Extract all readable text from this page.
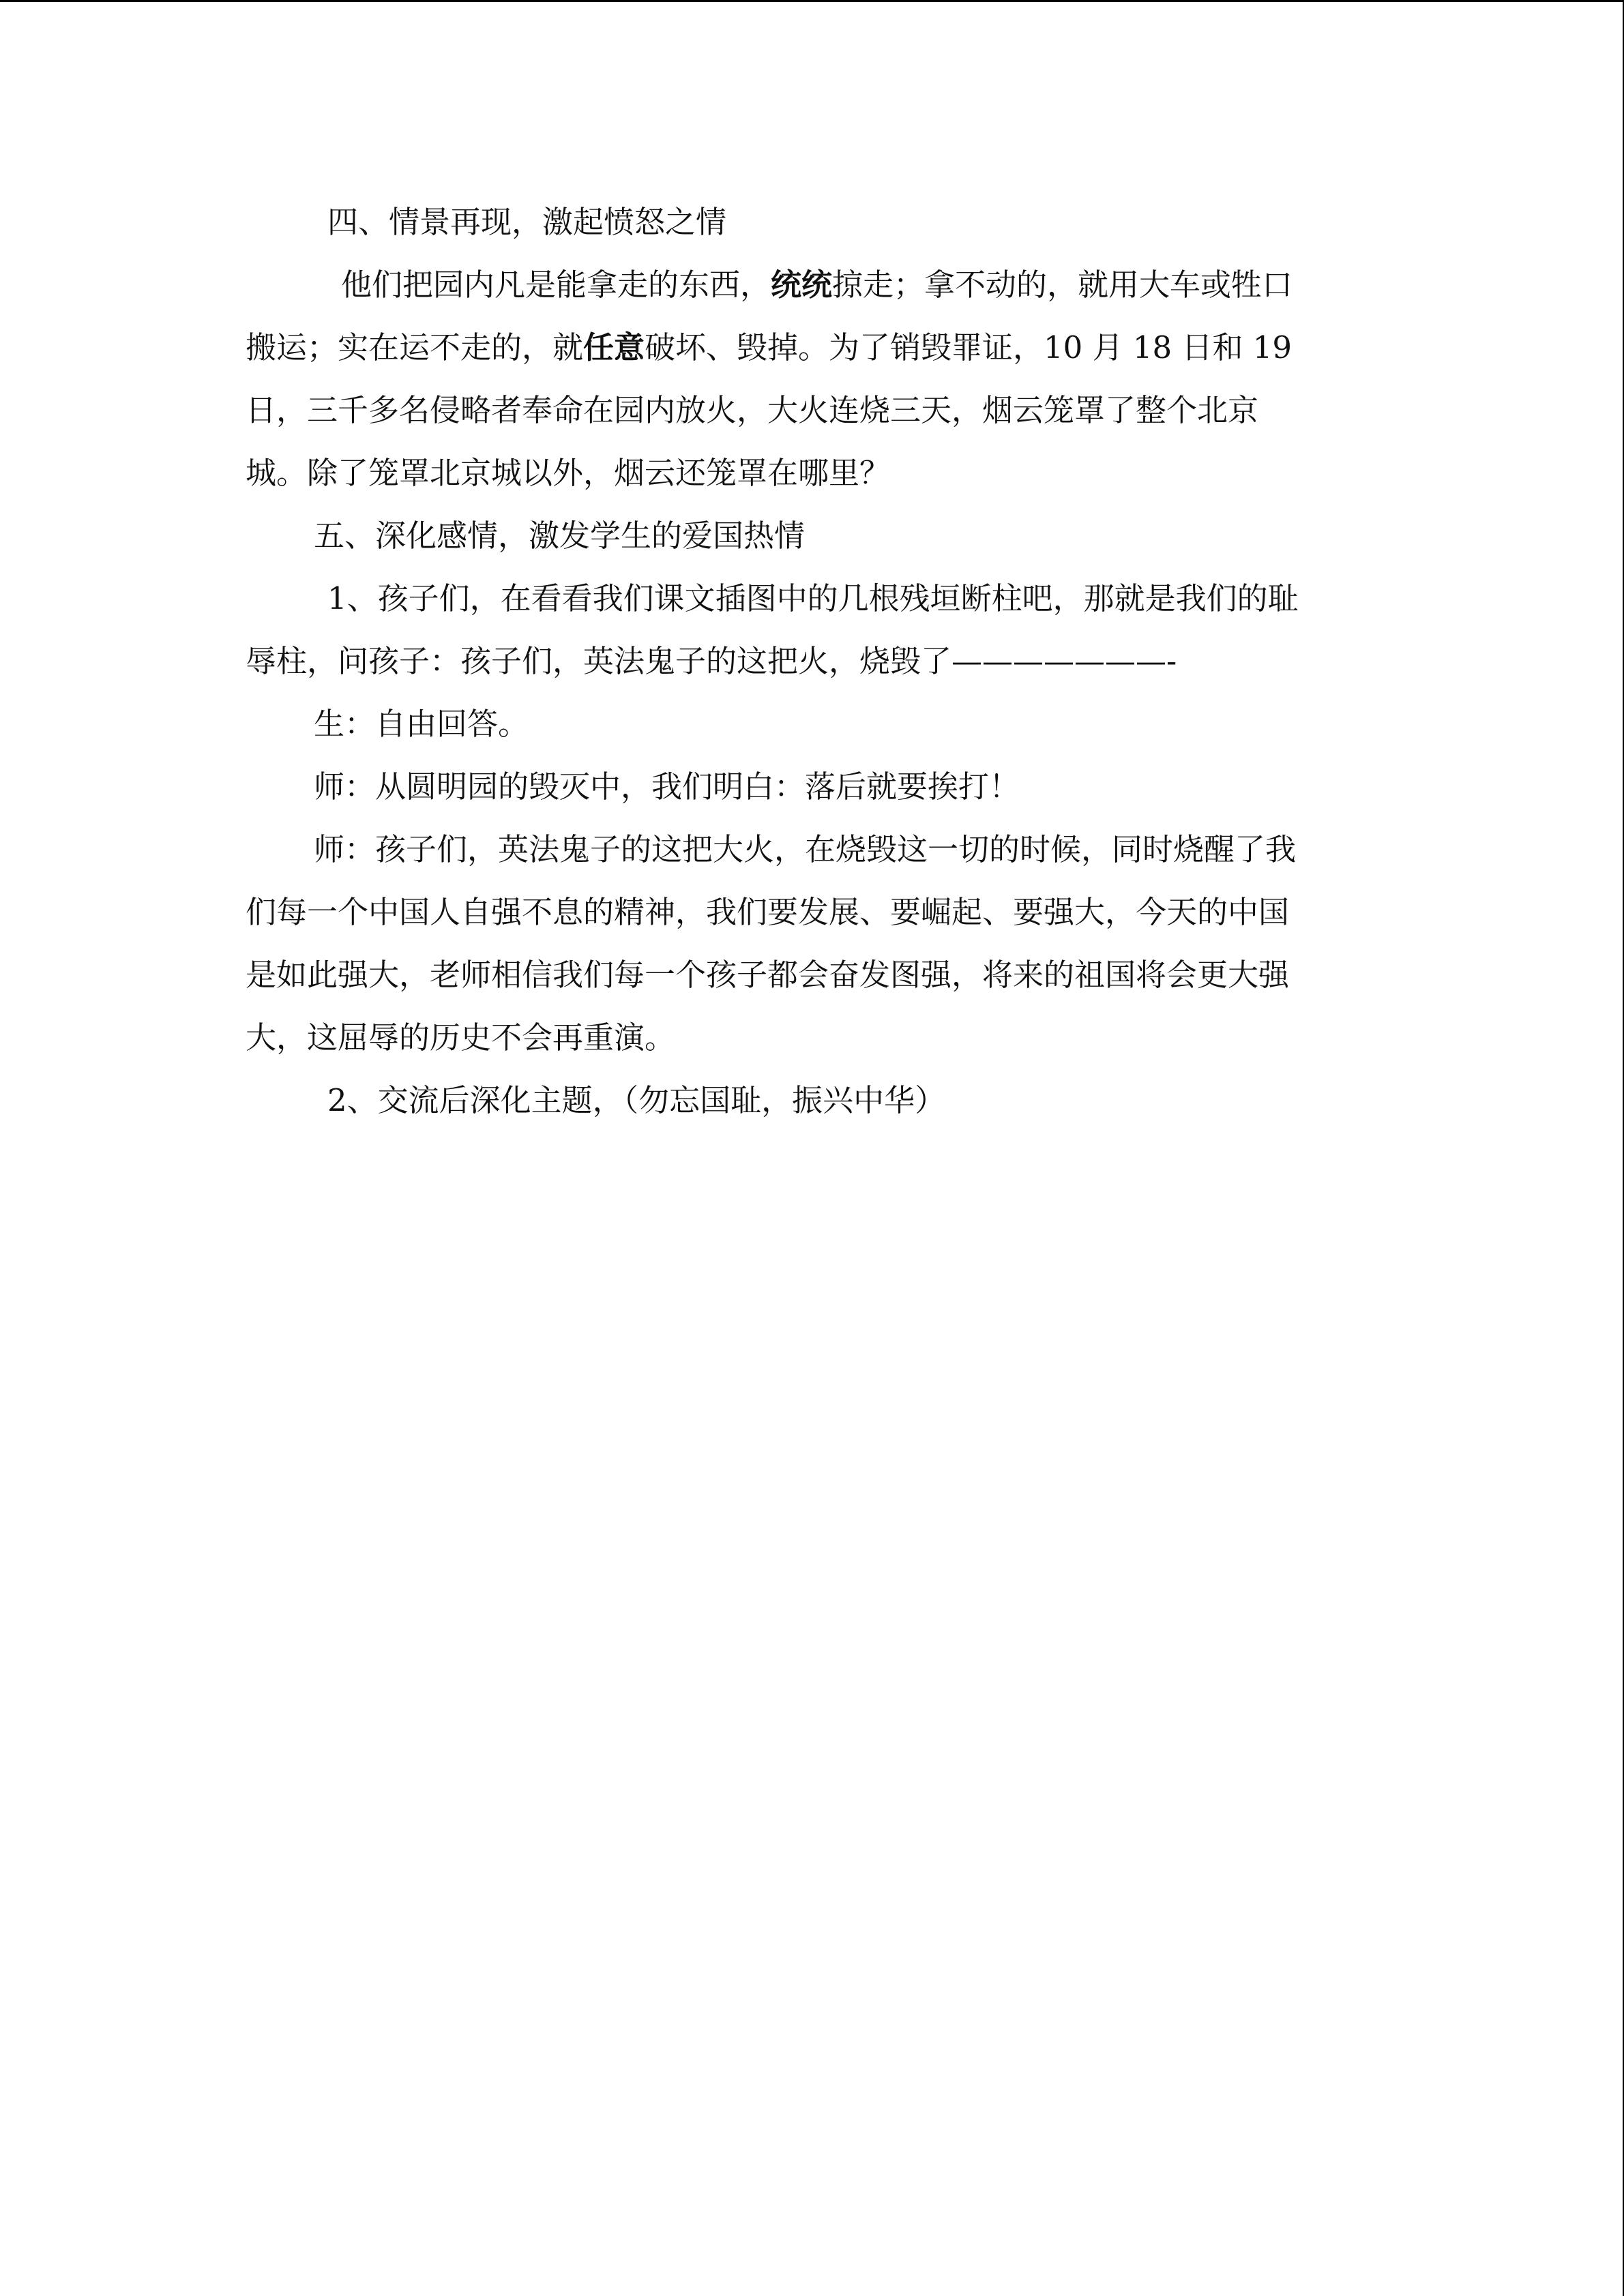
四、情景再现，激起愤怒之情
他们把园内凡是能拿走的东西，统统掠走；拿不动的，就用大车或牲口
搬运；实在运不走的，就任意破坏、毁掉。为了销毁罪证，10 月 18 日和 19
日，三千多名侵略者奉命在园内放火，大火连烧三天，烟云笼罩了整个北京
城。除了笼罩北京城以外，烟云还笼罩在哪里？
五、深化感情，激发学生的爱国热情
1、孩子们，在看看我们课文插图中的几根残垣断柱吧，那就是我们的耻
辱柱，问孩子：孩子们，英法鬼子的这把火，烧毁了———————-
生：自由回答。
师：从圆明园的毁灭中，我们明白：落后就要挨打！
师：孩子们，英法鬼子的这把大火，在烧毁这一切的时候，同时烧醒了我
们每一个中国人自强不息的精神，我们要发展、要崛起、要强大，今天的中国
是如此强大，老师相信我们每一个孩子都会奋发图强，将来的祖国将会更大强
大，这屈辱的历史不会再重演。
2、交流后深化主题，（勿忘国耻，振兴中华）
